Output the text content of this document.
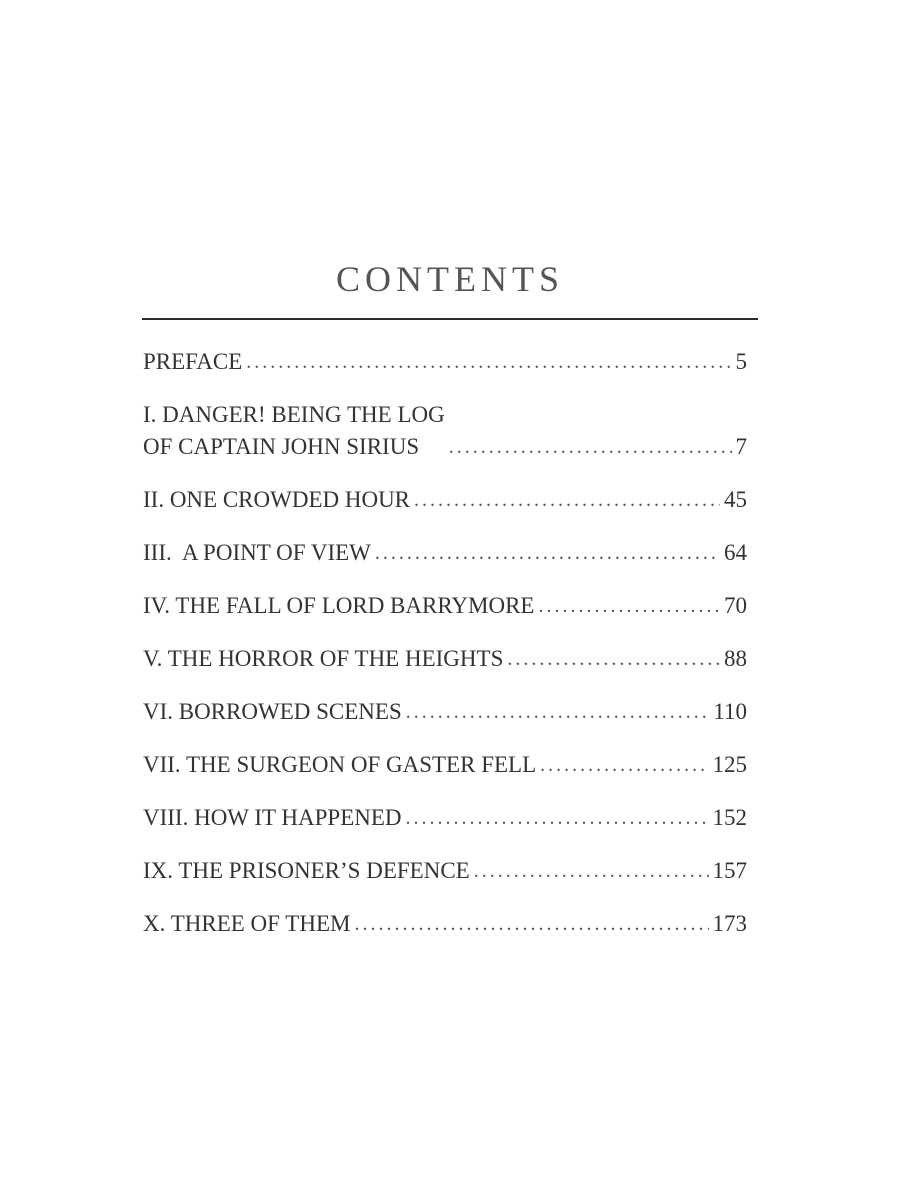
CONTENTS
PREFACE . . .	5
I. DANGER! BEING THE LOG
OF CAPTAIN JOHN SIRIUS . . .	7
II. ONE CROWDED HOUR . . .	45
III.  A POINT OF VIEW . . .	64
IV. THE FALL OF LORD BARRYMORE . . .	70
V. THE HORROR OF THE HEIGHTS . . .	88
VI. BORROWED SCENES . . .	110
VII. THE SURGEON OF GASTER FELL . . .	125
VIII. HOW IT HAPPENED . . .	152
IX. THE PRISONER’S DEFENCE . . .	157
X. THREE OF THEM . . .	173
